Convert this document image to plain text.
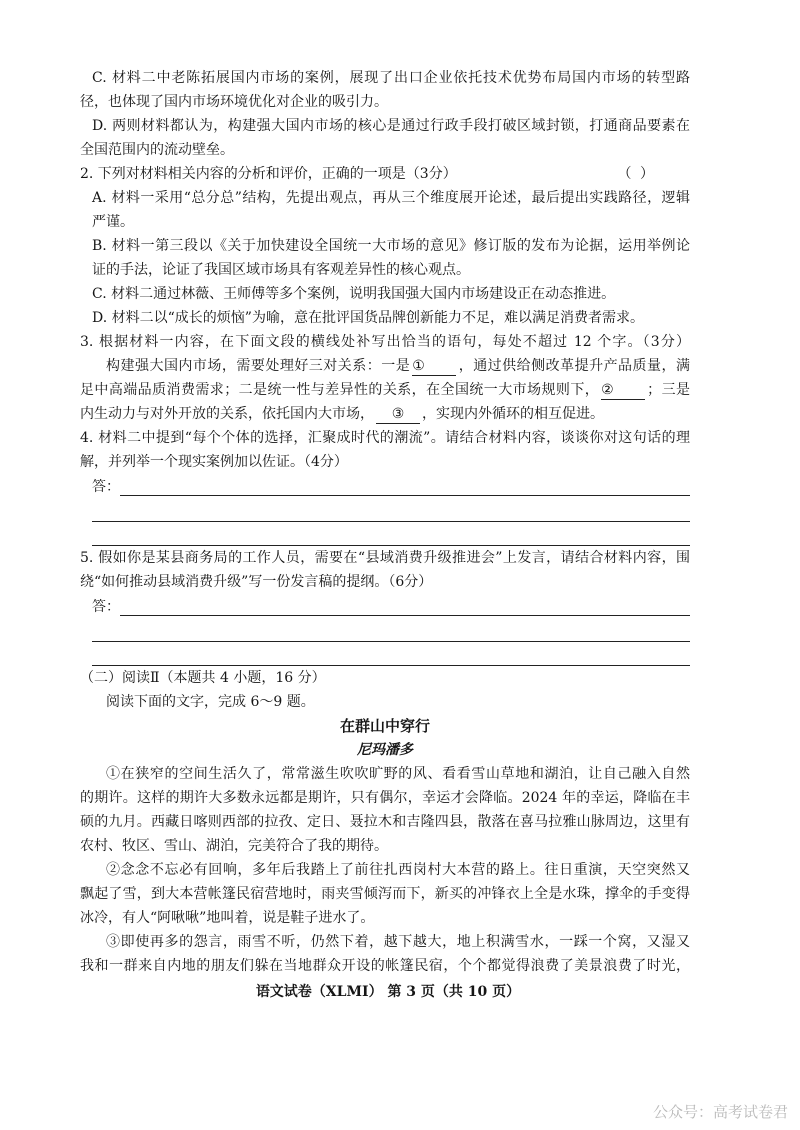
C. 材料二中老陈拓展国内市场的案例，展现了出口企业依托技术优势布局国内市场的转型路
径，也体现了国内市场环境优化对企业的吸引力。
D. 两则材料都认为，构建强大国内市场的核心是通过行政手段打破区域封锁，打通商品要素在
全国范围内的流动壁垒。
2. 下列对材料相关内容的分析和评价，正确的一项是（3分）	（ ）
A. 材料一采用“总分总”结构，先提出观点，再从三个维度展开论述，最后提出实践路径，逻辑
严谨。
B. 材料一第三段以《关于加快建设全国统一大市场的意见》修订版的发布为论据，运用举例论
证的手法，论证了我国区域市场具有客观差异性的核心观点。
C. 材料二通过林薇、王师傅等多个案例，说明我国强大国内市场建设正在动态推进。
D. 材料二以“成长的烦恼”为喻，意在批评国货品牌创新能力不足，难以满足消费者需求。
3. 根据材料一内容，在下面文段的横线处补写出恰当的语句，每处不超过 12 个字。（3分）
构建强大国内市场，需要处理好三对关系：一是 ① ，通过供给侧改革提升产品质量，满
足中高端品质消费需求；二是统一性与差异性的关系，在全国统一大市场规则下， ② ；三是
内生动力与对外开放的关系，依托国内大市场， ③ ，实现内外循环的相互促进。
4. 材料二中提到“每个个体的选择，汇聚成时代的潮流”。请结合材料内容，谈谈你对这句话的理
解，并列举一个现实案例加以佐证。（4分）
答：
5. 假如你是某县商务局的工作人员，需要在“县域消费升级推进会”上发言，请结合材料内容，围
绕“如何推动县域消费升级”写一份发言稿的提纲。（6分）
答：
（二）阅读Ⅱ（本题共 4 小题，16 分）
阅读下面的文字，完成 6～9 题。
在群山中穿行
尼玛潘多
①在狭窄的空间生活久了，常常滋生吹吹旷野的风、看看雪山草地和湖泊，让自己融入自然
的期许。这样的期许大多数永远都是期许，只有偶尔，幸运才会降临。2024 年的幸运，降临在丰
硕的九月。西藏日喀则西部的拉孜、定日、聂拉木和吉隆四县，散落在喜马拉雅山脉周边，这里有
农村、牧区、雪山、湖泊，完美符合了我的期待。
②念念不忘必有回响，多年后我踏上了前往扎西岗村大本营的路上。往日重演，天空突然又
飘起了雪，到大本营帐篷民宿营地时，雨夹雪倾泻而下，新买的冲锋衣上全是水珠，撑伞的手变得
冰冷，有人“阿啾啾”地叫着，说是鞋子进水了。
③即使再多的怨言，雨雪不听，仍然下着，越下越大，地上积满雪水，一踩一个窝，又湿又
我和一群来自内地的朋友们躲在当地群众开设的帐篷民宿，个个都觉得浪费了美景浪费了时光，
语文试卷（XLMI） 第 3 页（共 10 页）
公众号：高考试卷君
